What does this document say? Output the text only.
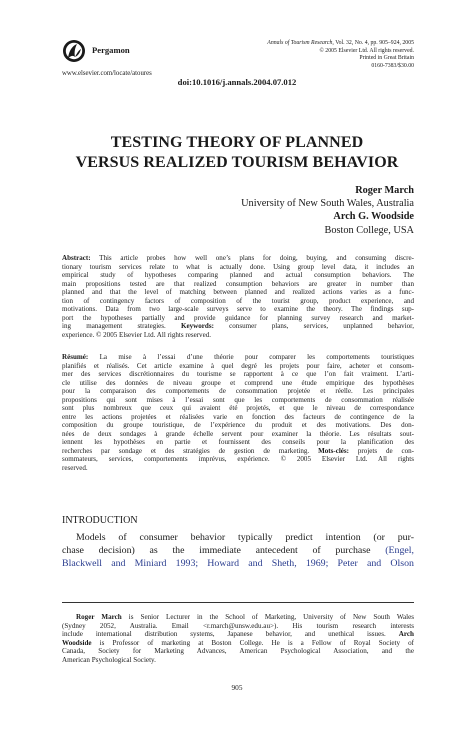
Pergamon
www.elsevier.com/locate/atoures
Annals of Tourism Research, Vol. 32, No. 4, pp. 905–924, 2005
© 2005 Elsevier Ltd. All rights reserved.
Printed in Great Britain
0160-7383/$30.00
doi:10.1016/j.annals.2004.07.012
TESTING THEORY OF PLANNED
VERSUS REALIZED TOURISM BEHAVIOR
Roger March
University of New South Wales, Australia
Arch G. Woodside
Boston College, USA
Abstract: This article probes how well one’s plans for doing, buying, and consuming discre-
tionary tourism services relate to what is actually done. Using group level data, it includes an
empirical study of hypotheses comparing planned and actual consumption behaviors. The
main propositions tested are that realized consumption behaviors are greater in number than
planned and that the level of matching between planned and realized actions varies as a func-
tion of contingency factors of composition of the tourist group, product experience, and
motivations. Data from two large-scale surveys serve to examine the theory. The findings sup-
port the hypotheses partially and provide guidance for planning survey research and market-
ing management strategies. Keywords: consumer plans, services, unplanned behavior,
experience. © 2005 Elsevier Ltd. All rights reserved.
Résumé: La mise à l’essai d’une théorie pour comparer les comportements touristiques
planifiés et réalisés. Cet article examine à quel degré les projets pour faire, acheter et consom-
mer des services discrétionnaires du tourisme se rapportent à ce que l’on fait vraiment. L’arti-
cle utilise des données de niveau groupe et comprend une étude empirique des hypothèses
pour la comparaison des comportements de consommation projetée et réelle. Les principales
propositions qui sont mises à l’essai sont que les comportements de consommation réalisée
sont plus nombreux que ceux qui avaient été projetés, et que le niveau de correspondance
entre les actions projetées et réalisées varie en fonction des facteurs de contingence de la
composition du groupe touristique, de l’expérience du produit et des motivations. Des don-
nées de deux sondages à grande échelle servent pour examiner la théorie. Les résultats sout-
iennent les hypothèses en partie et fournissent des conseils pour la planification des
recherches par sondage et des stratégies de gestion de marketing. Mots-clés: projets de con-
sommateurs, services, comportements imprévus, expérience. © 2005 Elsevier Ltd. All rights
reserved.
INTRODUCTION
Models of consumer behavior typically predict intention (or pur-
chase decision) as the immediate antecedent of purchase (Engel,
Blackwell and Miniard 1993; Howard and Sheth, 1969; Peter and Olson
Roger March is Senior Lecturer in the School of Marketing, University of New South Wales
(Sydney 2052, Australia. Email <r.march@unsw.edu.au>). His tourism research interests
include international distribution systems, Japanese behavior, and unethical issues. Arch
Woodside is Professor of marketing at Boston College. He is a Fellow of Royal Society of
Canada, Society for Marketing Advances, American Psychological Association, and the
American Psychological Society.
905
